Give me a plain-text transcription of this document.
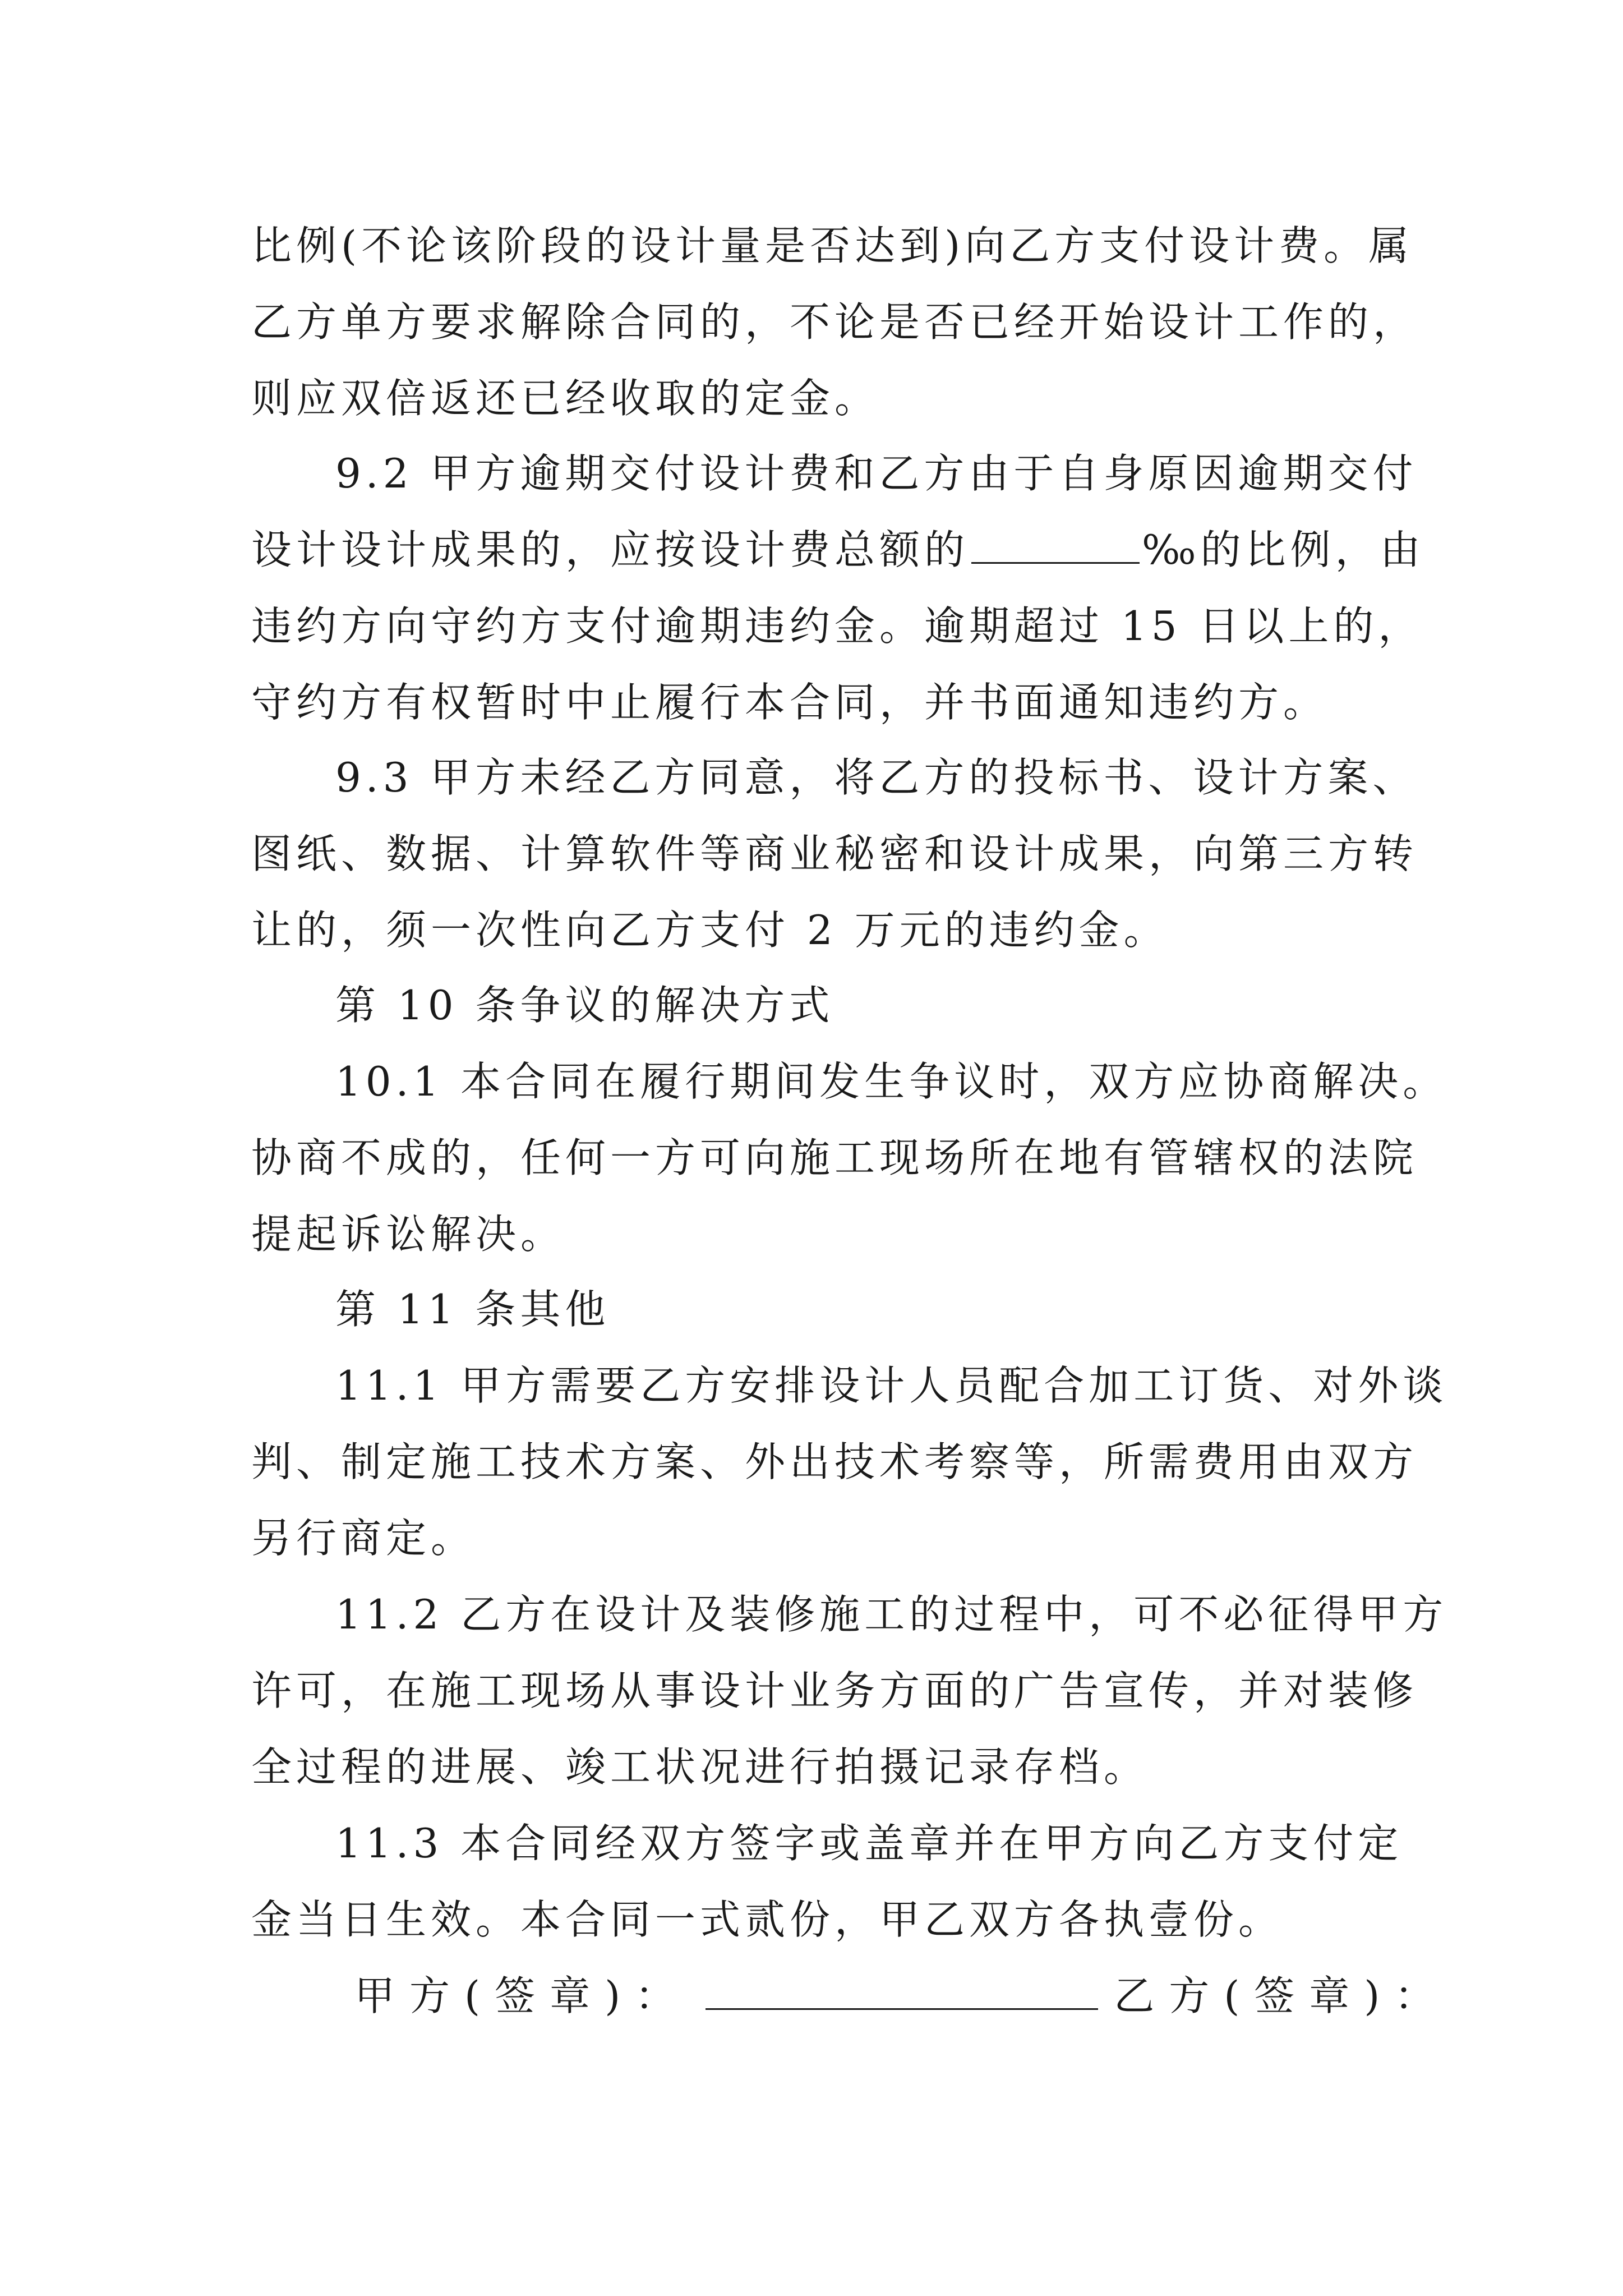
比例(不论该阶段的设计量是否达到)向乙方支付设计费。属
乙方单方要求解除合同的，不论是否已经开始设计工作的，
则应双倍返还已经收取的定金。
9.2 甲方逾期交付设计费和乙方由于自身原因逾期交付
设计设计成果的，应按设计费总额的	‰的比例，由
违约方向守约方支付逾期违约金。逾期超过 15 日以上的，
守约方有权暂时中止履行本合同，并书面通知违约方。
9.3 甲方未经乙方同意，将乙方的投标书、设计方案、
图纸、数据、计算软件等商业秘密和设计成果，向第三方转
让的，须一次性向乙方支付 2 万元的违约金。
第 10 条争议的解决方式
10.1 本合同在履行期间发生争议时，双方应协商解决。
协商不成的，任何一方可向施工现场所在地有管辖权的法院
提起诉讼解决。
第 11 条其他
11.1 甲方需要乙方安排设计人员配合加工订货、对外谈
判、制定施工技术方案、外出技术考察等，所需费用由双方
另行商定。
11.2 乙方在设计及装修施工的过程中，可不必征得甲方
许可，在施工现场从事设计业务方面的广告宣传，并对装修
全过程的进展、竣工状况进行拍摄记录存档。
11.3 本合同经双方签字或盖章并在甲方向乙方支付定
金当日生效。本合同一式贰份，甲乙双方各执壹份。
甲方(签章)：	乙方(签章)：
